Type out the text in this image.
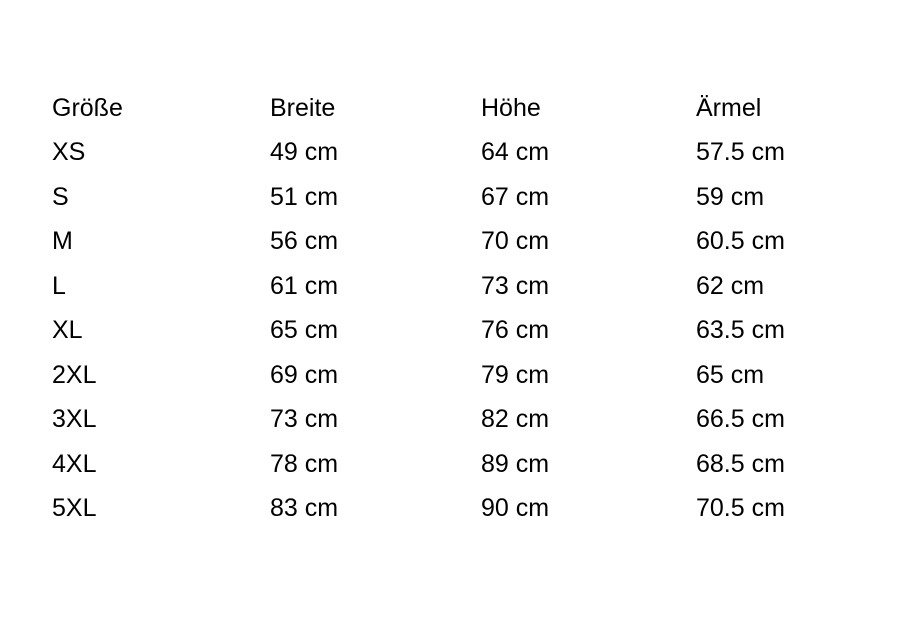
Größe	Breite	Höhe	Ärmel
XS	49 cm	64 cm	57.5 cm
S	51 cm	67 cm	59 cm
M	56 cm	70 cm	60.5 cm
L	61 cm	73 cm	62 cm
XL	65 cm	76 cm	63.5 cm
2XL	69 cm	79 cm	65 cm
3XL	73 cm	82 cm	66.5 cm
4XL	78 cm	89 cm	68.5 cm
5XL	83 cm	90 cm	70.5 cm
